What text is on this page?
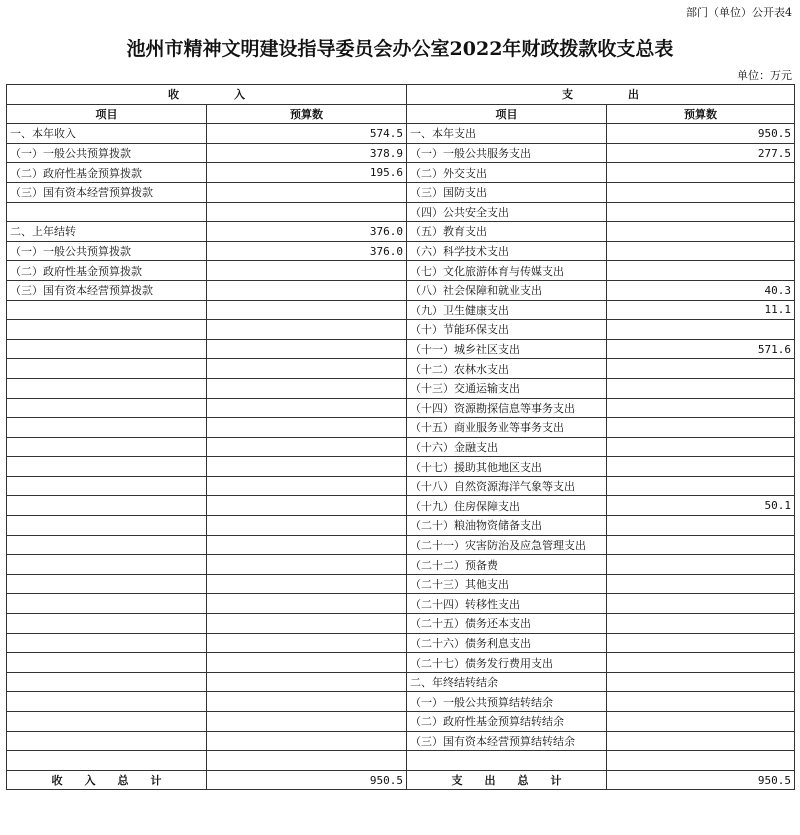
部门（单位）公开表4
池州市精神文明建设指导委员会办公室2022年财政拨款收支总表
单位：万元
收　　　　　入		支　　　　　出	
项目	预算数	项目	预算数
一、本年收入	574.5	一、本年支出	950.5
（一）一般公共预算拨款	378.9	（一）一般公共服务支出	277.5
（二）政府性基金预算拨款	195.6	（二）外交支出	
（三）国有资本经营预算拨款		（三）国防支出	
		（四）公共安全支出	
二、上年结转	376.0	（五）教育支出	
（一）一般公共预算拨款	376.0	（六）科学技术支出	
（二）政府性基金预算拨款		（七）文化旅游体育与传媒支出	
（三）国有资本经营预算拨款		（八）社会保障和就业支出	40.3
		（九）卫生健康支出	11.1
		（十）节能环保支出	
		（十一）城乡社区支出	571.6
		（十二）农林水支出	
		（十三）交通运输支出	
		（十四）资源勘探信息等事务支出	
		（十五）商业服务业等事务支出	
		（十六）金融支出	
		（十七）援助其他地区支出	
		（十八）自然资源海洋气象等支出	
		（十九）住房保障支出	50.1
		（二十）粮油物资储备支出	
		（二十一）灾害防治及应急管理支出	
		（二十二）预备费	
		（二十三）其他支出	
		（二十四）转移性支出	
		（二十五）债务还本支出	
		（二十六）债务利息支出	
		（二十七）债务发行费用支出	
		二、年终结转结余	
		（一）一般公共预算结转结余	
		（二）政府性基金预算结转结余	
		（三）国有资本经营预算结转结余	

收　　入　　总　　计	950.5	支　　出　　总　　计	950.5
